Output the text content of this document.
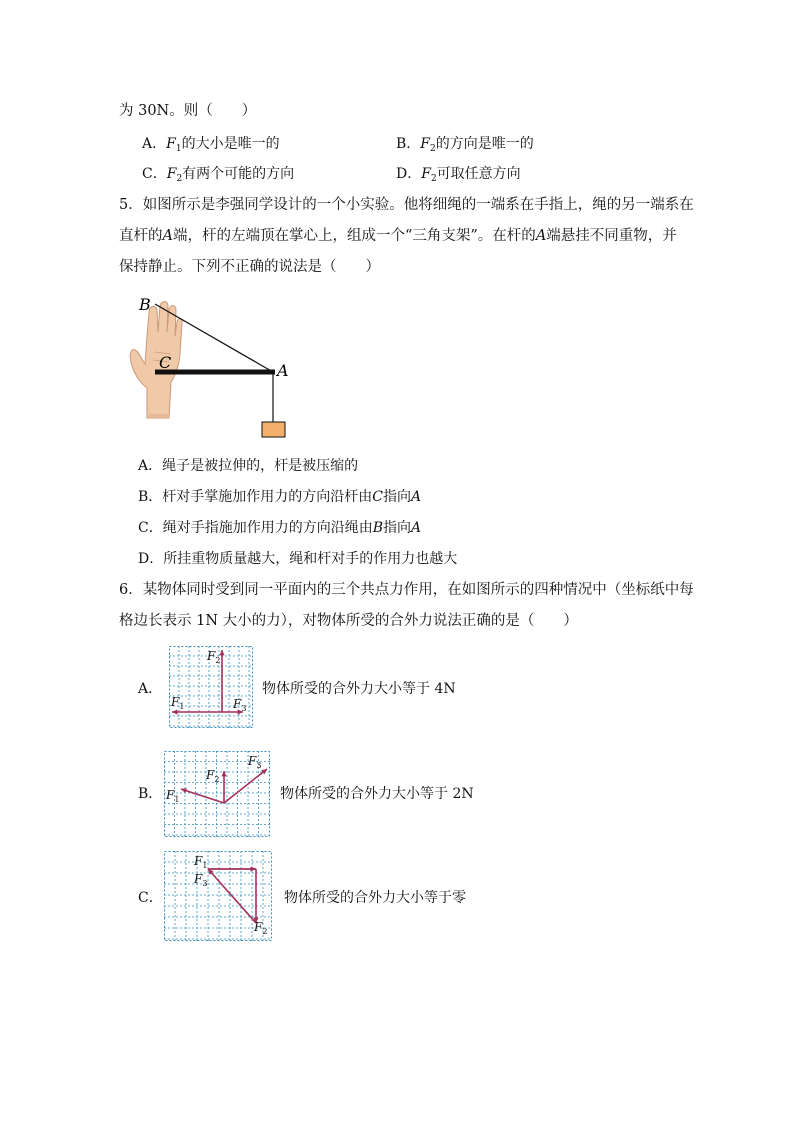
为 30N。则（　　）
A．$F_1$的大小是唯一的	B．$F_2$的方向是唯一的
C．$F_2$有两个可能的方向	D．$F_2$可取任意方向
5．如图所示是李强同学设计的一个小实验。他将细绳的一端系在手指上，绳的另一端系在
直杆的A端，杆的左端顶在掌心上，组成一个“三角支架”。在杆的A端悬挂不同重物，并
保持静止。下列不正确的说法是（　　）
B
C	A
A．绳子是被拉伸的，杆是被压缩的
B．杆对手掌施加作用力的方向沿杆由C指向A
C．绳对手指施加作用力的方向沿绳由B指向A
D．所挂重物质量越大，绳和杆对手的作用力也越大
6．某物体同时受到同一平面内的三个共点力作用，在如图所示的四种情况中（坐标纸中每
格边长表示 1N 大小的力），对物体所受的合外力说法正确的是（　　）
A．
$F_2$
$F_1$	$F_3$
物体所受的合外力大小等于 4N
B．
$F_2$
$F_1$
$F_3$
物体所受的合外力大小等于 2N
C．
$F_1$
$F_3$
$F_2$
物体所受的合外力大小等于零
